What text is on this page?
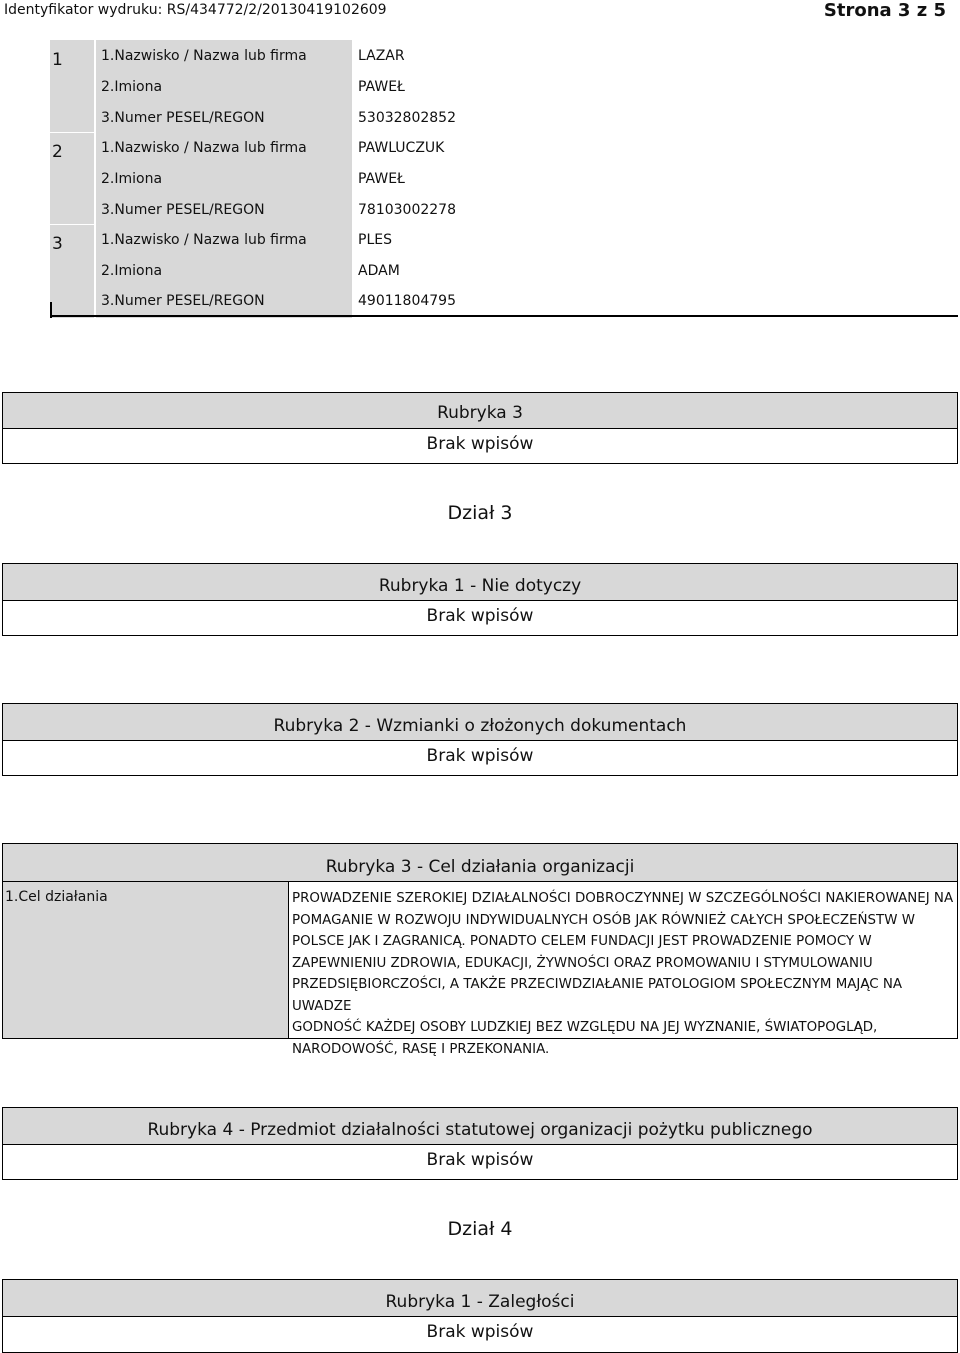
Identyfikator wydruku: RS/434772/2/20130419102609	Strona 3 z 5
1	1.Nazwisko / Nazwa lub firma	LAZAR
2.Imiona	PAWEŁ
3.Numer PESEL/REGON	53032802852
2	1.Nazwisko / Nazwa lub firma	PAWLUCZUK
2.Imiona	PAWEŁ
3.Numer PESEL/REGON	78103002278
3	1.Nazwisko / Nazwa lub firma	PLES
2.Imiona	ADAM
3.Numer PESEL/REGON	49011804795
Rubryka 3
Brak wpisów
Dział 3
Rubryka 1 - Nie dotyczy
Brak wpisów
Rubryka 2 - Wzmianki o złożonych dokumentach
Brak wpisów
Rubryka 3 - Cel działania organizacji
1.Cel działania	PROWADZENIE SZEROKIEJ DZIAŁALNOŚCI DOBROCZYNNEJ W SZCZEGÓLNOŚCI NAKIEROWANEJ NA
POMAGANIE W ROZWOJU INDYWIDUALNYCH OSÓB JAK RÓWNIEŻ CAŁYCH SPOŁECZEŃSTW W
POLSCE JAK I ZAGRANICĄ. PONADTO CELEM FUNDACJI JEST PROWADZENIE POMOCY W
ZAPEWNIENIU ZDROWIA, EDUKACJI, ŻYWNOŚCI ORAZ PROMOWANIU I STYMULOWANIU
PRZEDSIĘBIORCZOŚCI, A TAKŻE PRZECIWDZIAŁANIE PATOLOGIOM SPOŁECZNYM MAJĄC NA UWADZE
GODNOŚĆ KAŻDEJ OSOBY LUDZKIEJ BEZ WZGLĘDU NA JEJ WYZNANIE, ŚWIATOPOGLĄD,
NARODOWOŚĆ, RASĘ I PRZEKONANIA.
Rubryka 4 - Przedmiot działalności statutowej organizacji pożytku publicznego
Brak wpisów
Dział 4
Rubryka 1 - Zaległości
Brak wpisów
